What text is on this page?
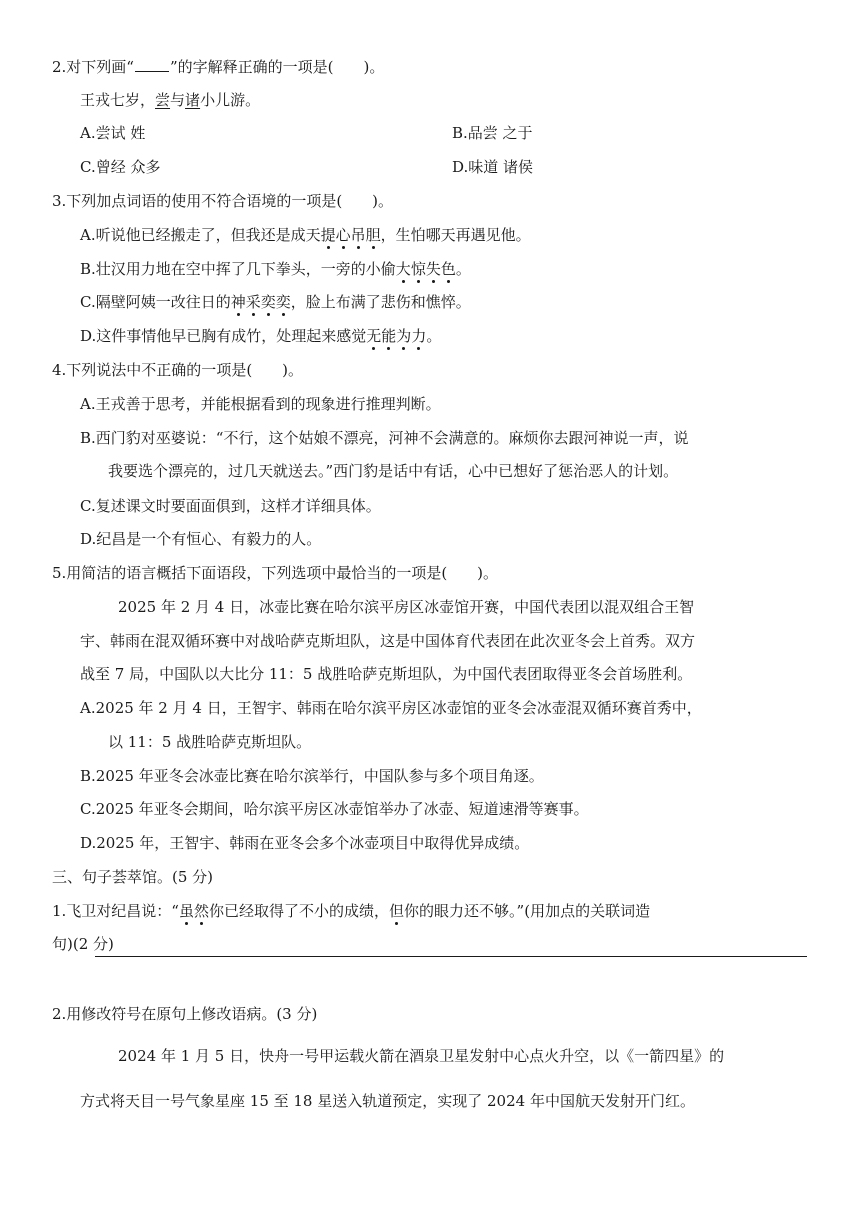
2.对下列画“ ”的字解释正确的一项是(　　)。
王戎七岁，尝与诸小儿游。
A.尝试 姓	B.品尝 之于
C.曾经 众多	D.味道 诸侯
3.下列加点词语的使用不符合语境的一项是(　　)。
A.听说他已经搬走了，但我还是成天提心吊胆，生怕哪天再遇见他。
B.壮汉用力地在空中挥了几下拳头，一旁的小偷大惊失色。
C.隔壁阿姨一改往日的神采奕奕，脸上布满了悲伤和憔悴。
D.这件事情他早已胸有成竹，处理起来感觉无能为力。
4.下列说法中不正确的一项是(　　)。
A.王戎善于思考，并能根据看到的现象进行推理判断。
B.西门豹对巫婆说：“不行，这个姑娘不漂亮，河神不会满意的。麻烦你去跟河神说一声，说
我要选个漂亮的，过几天就送去。”西门豹是话中有话，心中已想好了惩治恶人的计划。
C.复述课文时要面面俱到，这样才详细具体。
D.纪昌是一个有恒心、有毅力的人。
5.用简洁的语言概括下面语段，下列选项中最恰当的一项是(　　)。
2025 年 2 月 4 日，冰壶比赛在哈尔滨平房区冰壶馆开赛，中国代表团以混双组合王智
宇、韩雨在混双循环赛中对战哈萨克斯坦队，这是中国体育代表团在此次亚冬会上首秀。双方
战至 7 局，中国队以大比分 11：5 战胜哈萨克斯坦队，为中国代表团取得亚冬会首场胜利。
A.2025 年 2 月 4 日，王智宇、韩雨在哈尔滨平房区冰壶馆的亚冬会冰壶混双循环赛首秀中，
以 11：5 战胜哈萨克斯坦队。
B.2025 年亚冬会冰壶比赛在哈尔滨举行，中国队参与多个项目角逐。
C.2025 年亚冬会期间，哈尔滨平房区冰壶馆举办了冰壶、短道速滑等赛事。
D.2025 年，王智宇、韩雨在亚冬会多个冰壶项目中取得优异成绩。
三、句子荟萃馆。(5 分)
1.飞卫对纪昌说：“虽然你已经取得了不小的成绩，但你的眼力还不够。”(用加点的关联词造
句)(2 分)
2.用修改符号在原句上修改语病。(3 分)
2024 年 1 月 5 日，快舟一号甲运载火箭在酒泉卫星发射中心点火升空，以《一箭四星》的
方式将天目一号气象星座 15 至 18 星送入轨道预定，实现了 2024 年中国航天发射开门红。
